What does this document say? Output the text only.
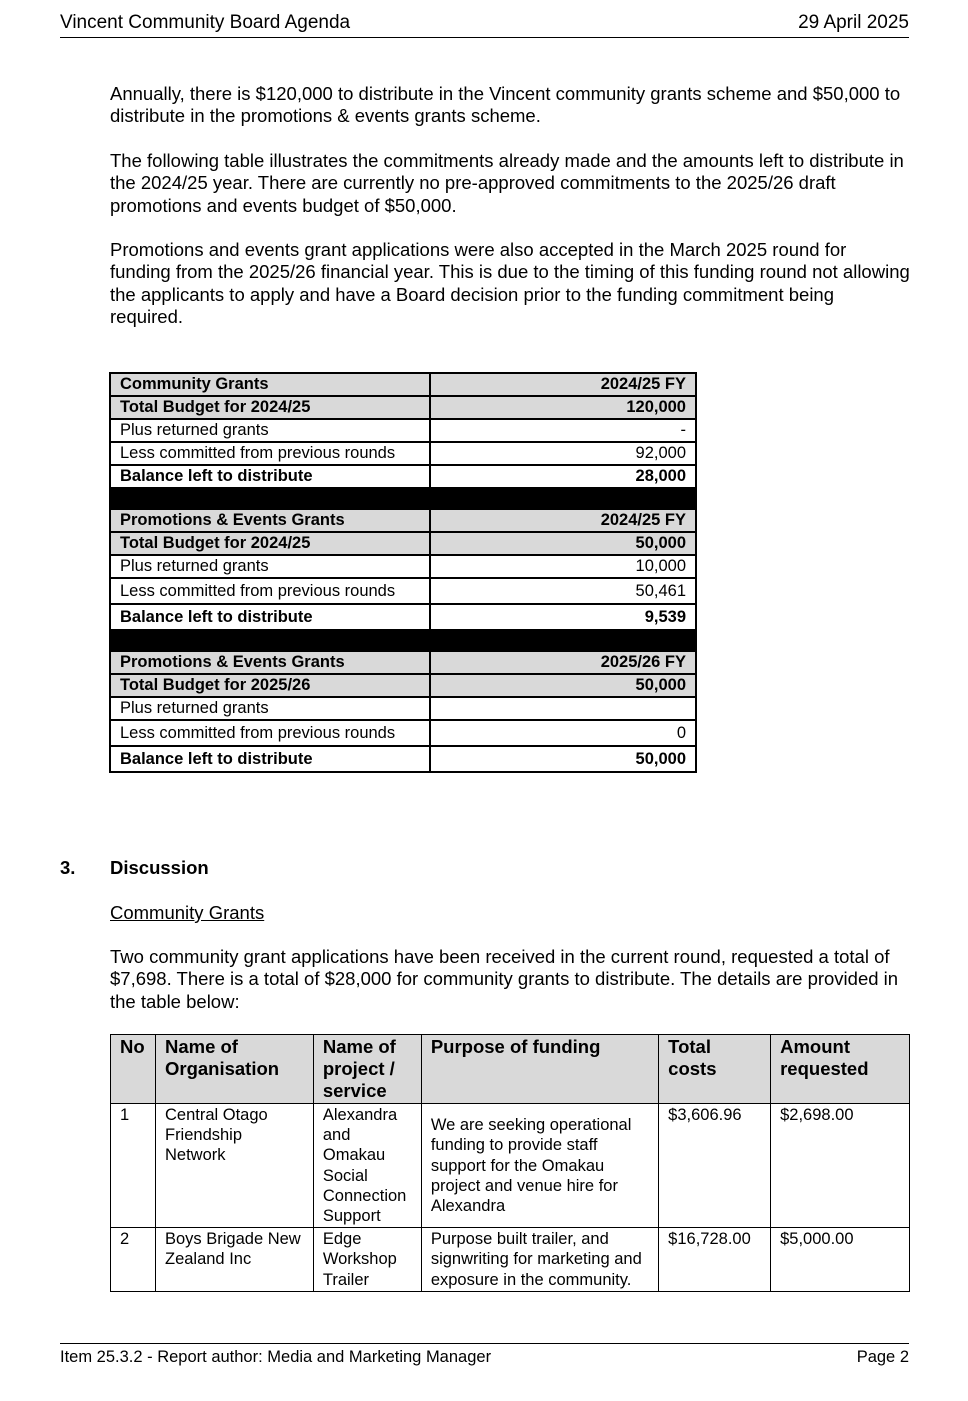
Vincent Community Board Agenda	29 April 2025

Annually, there is $120,000 to distribute in the Vincent community grants scheme and $50,000 to distribute in the promotions & events grants scheme.

The following table illustrates the commitments already made and the amounts left to distribute in the 2024/25 year. There are currently no pre-approved commitments to the 2025/26 draft promotions and events budget of $50,000.

Promotions and events grant applications were also accepted in the March 2025 round for funding from the 2025/26 financial year. This is due to the timing of this funding round not allowing the applicants to apply and have a Board decision prior to the funding commitment being required.

Community Grants	2024/25 FY
Total Budget for 2024/25	120,000
Plus returned grants	-
Less committed from previous rounds	92,000
Balance left to distribute	28,000

Promotions & Events Grants	2024/25 FY
Total Budget for 2024/25	50,000
Plus returned grants	10,000
Less committed from previous rounds	50,461
Balance left to distribute	9,539

Promotions & Events Grants	2025/26 FY
Total Budget for 2025/26	50,000
Plus returned grants	
Less committed from previous rounds	0
Balance left to distribute	50,000
3. Discussion
Community Grants

Two community grant applications have been received in the current round, requested a total of $7,698. There is a total of $28,000 for community grants to distribute. The details are provided in the table below:

No	Name of Organisation	Name of project / service	Purpose of funding	Total costs	Amount requested
1	Central Otago Friendship Network	Alexandra and Omakau Social Connection Support	We are seeking operational funding to provide staff support for the Omakau project and venue hire for Alexandra	$3,606.96	$2,698.00
2	Boys Brigade New Zealand Inc	Edge Workshop Trailer	Purpose built trailer, and signwriting for marketing and exposure in the community.	$16,728.00	$5,000.00
Item 25.3.2 - Report author: Media and Marketing Manager	Page 2
